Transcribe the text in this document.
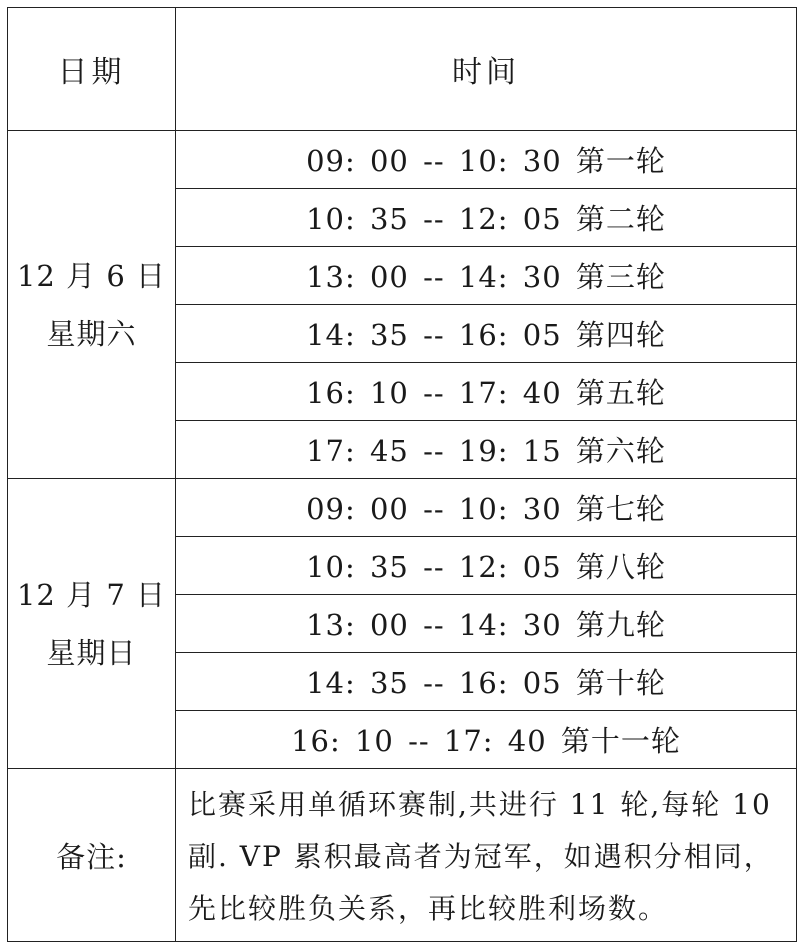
日期	时间

12 月 6 日
星期六	09: 00 -- 10: 30 第一轮
	10: 35 -- 12: 05 第二轮
	13: 00 -- 14: 30 第三轮
	14: 35 -- 16: 05 第四轮
	16: 10 -- 17: 40 第五轮
	17: 45 -- 19: 15 第六轮

12 月 7 日
星期日	09: 00 -- 10: 30 第七轮
	10: 35 -- 12: 05 第八轮
	13: 00 -- 14: 30 第九轮
	14: 35 -- 16: 05 第十轮
	16: 10 -- 17: 40 第十一轮
备注:	比赛采用单循环赛制,共进行 11 轮,每轮 10 副. VP 累积最高者为冠军，如遇积分相同，先比较胜负关系，再比较胜利场数。
